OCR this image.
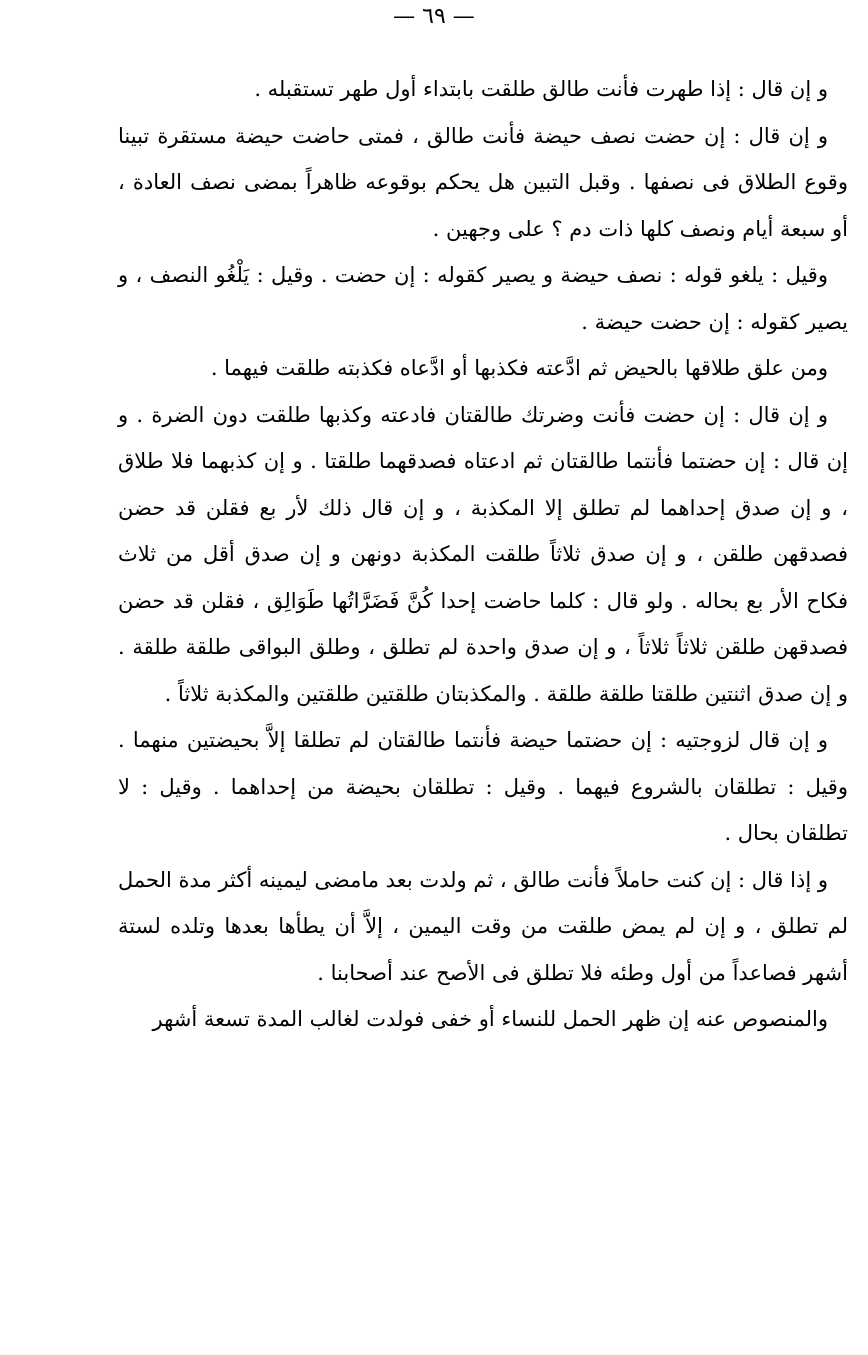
— ٦٩ —

و إن قال : إذا طهرت فأنت طالق طلقت بابتداء أول طهر تستقبله .

و إن قال : إن حضت نصف حيضة فأنت طالق ، فمتى حاضت حيضة مستقرة تبينا وقوع الطلاق فى نصفها . وقبل التبين هل يحكم بوقوعه ظاهراً بمضى نصف العادة ، أو سبعة أيام ونصف كلها ذات دم ؟ على وجهين .

وقيل : يلغو قوله : نصف حيضة و يصير كقوله : إن حضت . وقيل : يَلْغُو النصف ، و يصير كقوله : إن حضت حيضة .

ومن علق طلاقها بالحيض ثم ادَّعته فكذبها أو ادَّعاه فكذبته طلقت فيهما .

و إن قال : إن حضت فأنت وضرتك طالقتان فادعته وكذبها طلقت دون الضرة . و إن قال : إن حضتما فأنتما طالقتان ثم ادعتاه فصدقهما طلقتا . و إن كذبهما فلا طلاق ، و إن صدق إحداهما لم تطلق إلا المكذبة ، و إن قال ذلك لأر بع فقلن قد حضن فصدقهن طلقن ، و إن صدق ثلاثاً طلقت المكذبة دونهن و إن صدق أقل من ثلاث فكاح الأر بع بحاله . ولو قال : كلما حاضت إحدا كُنَّ فَضَرَّاتُها طَوَالِق ، فقلن قد حضن فصدقهن طلقن ثلاثاً ثلاثاً ، و إن صدق واحدة لم تطلق ، وطلق البواقى طلقة طلقة . و إن صدق اثنتين طلقتا طلقة طلقة . والمكذبتان طلقتين طلقتين والمكذبة ثلاثاً .

و إن قال لزوجتيه : إن حضتما حيضة فأنتما طالقتان لم تطلقا إلاَّ بحيضتين منهما . وقيل : تطلقان بالشروع فيهما . وقيل : تطلقان بحيضة من إحداهما . وقيل : لا تطلقان بحال .

و إذا قال : إن كنت حاملاً فأنت طالق ، ثم ولدت بعد مامضى ليمينه أكثر مدة الحمل لم تطلق ، و إن لم يمض طلقت من وقت اليمين ، إلاَّ أن يطأها بعدها وتلده لستة أشهر فصاعداً من أول وطئه فلا تطلق فى الأصح عند أصحابنا .

والمنصوص عنه إن ظهر الحمل للنساء أو خفى فولدت لغالب المدة تسعة أشهر
